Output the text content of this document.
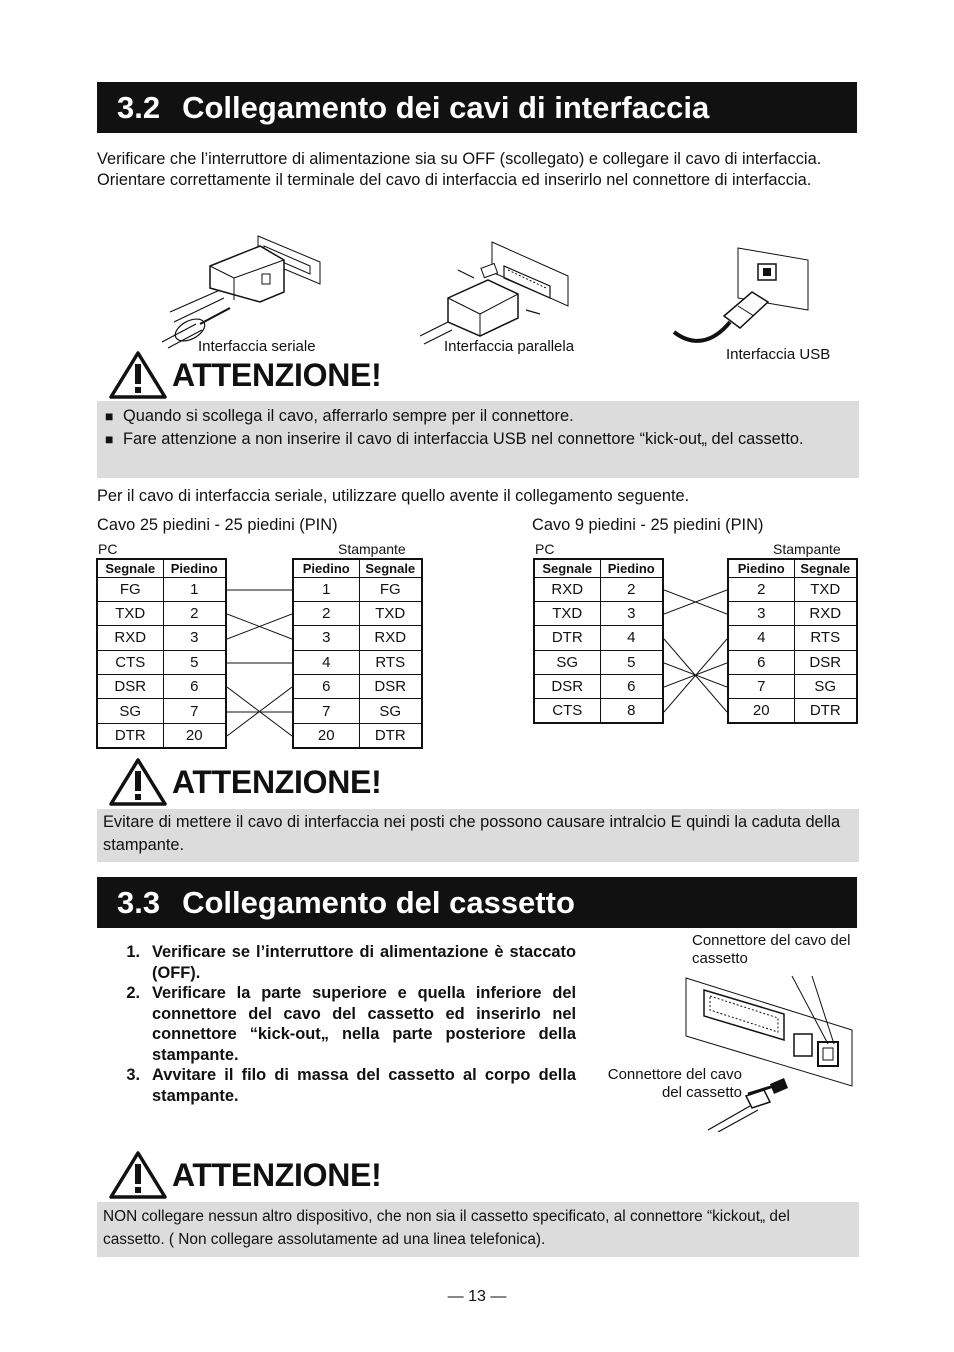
3.2 Collegamento dei cavi di interfaccia
Verificare che l’interruttore di alimentazione sia su OFF (scollegato) e collegare il cavo di interfaccia.
Orientare correttamente il terminale del cavo di interfaccia ed inserirlo nel connettore di interfaccia.
Interfaccia seriale	Interfaccia parallela	Interfaccia USB
ATTENZIONE!
■ Quando si scollega il cavo, afferrarlo sempre per il connettore.
■ Fare attenzione a non inserire il cavo di interfaccia USB nel connettore “kick-out„ del cassetto.
Per il cavo di interfaccia seriale, utilizzare quello avente il collegamento seguente.
Cavo 25 piedini - 25 piedini (PIN)
PC	Stampante
Segnale	Piedino
FG	1
TXD	2
RXD	3
CTS	5
DSR	6
SG	7
DTR	20
Piedino	Segnale
1	FG
2	TXD
3	RXD
4	RTS
6	DSR
7	SG
20	DTR
Cavo 9 piedini - 25 piedini (PIN)
PC	Stampante
Segnale	Piedino
RXD	2
TXD	3
DTR	4
SG	5
DSR	6
CTS	8
Piedino	Segnale
2	TXD
3	RXD
4	RTS
6	DSR
7	SG
20	DTR
ATTENZIONE!
Evitare di mettere il cavo di interfaccia nei posti che possono causare intralcio E quindi la caduta della stampante.
3.3 Collegamento del cassetto
1. Verificare se l’interruttore di alimentazione è staccato (OFF).
2. Verificare la parte superiore e quella inferiore del connettore del cavo del cassetto ed inserirlo nel connettore “kick-out„ nella parte posteriore della stampante.
3. Avvitare il filo di massa del cassetto al corpo della stampante.
Connettore del cavo del cassetto
Connettore del cavo del cassetto
ATTENZIONE!
NON collegare nessun altro dispositivo, che non sia il cassetto specificato, al connettore “kickout„ del cassetto. ( Non collegare assolutamente ad una linea telefonica).
— 13 —
